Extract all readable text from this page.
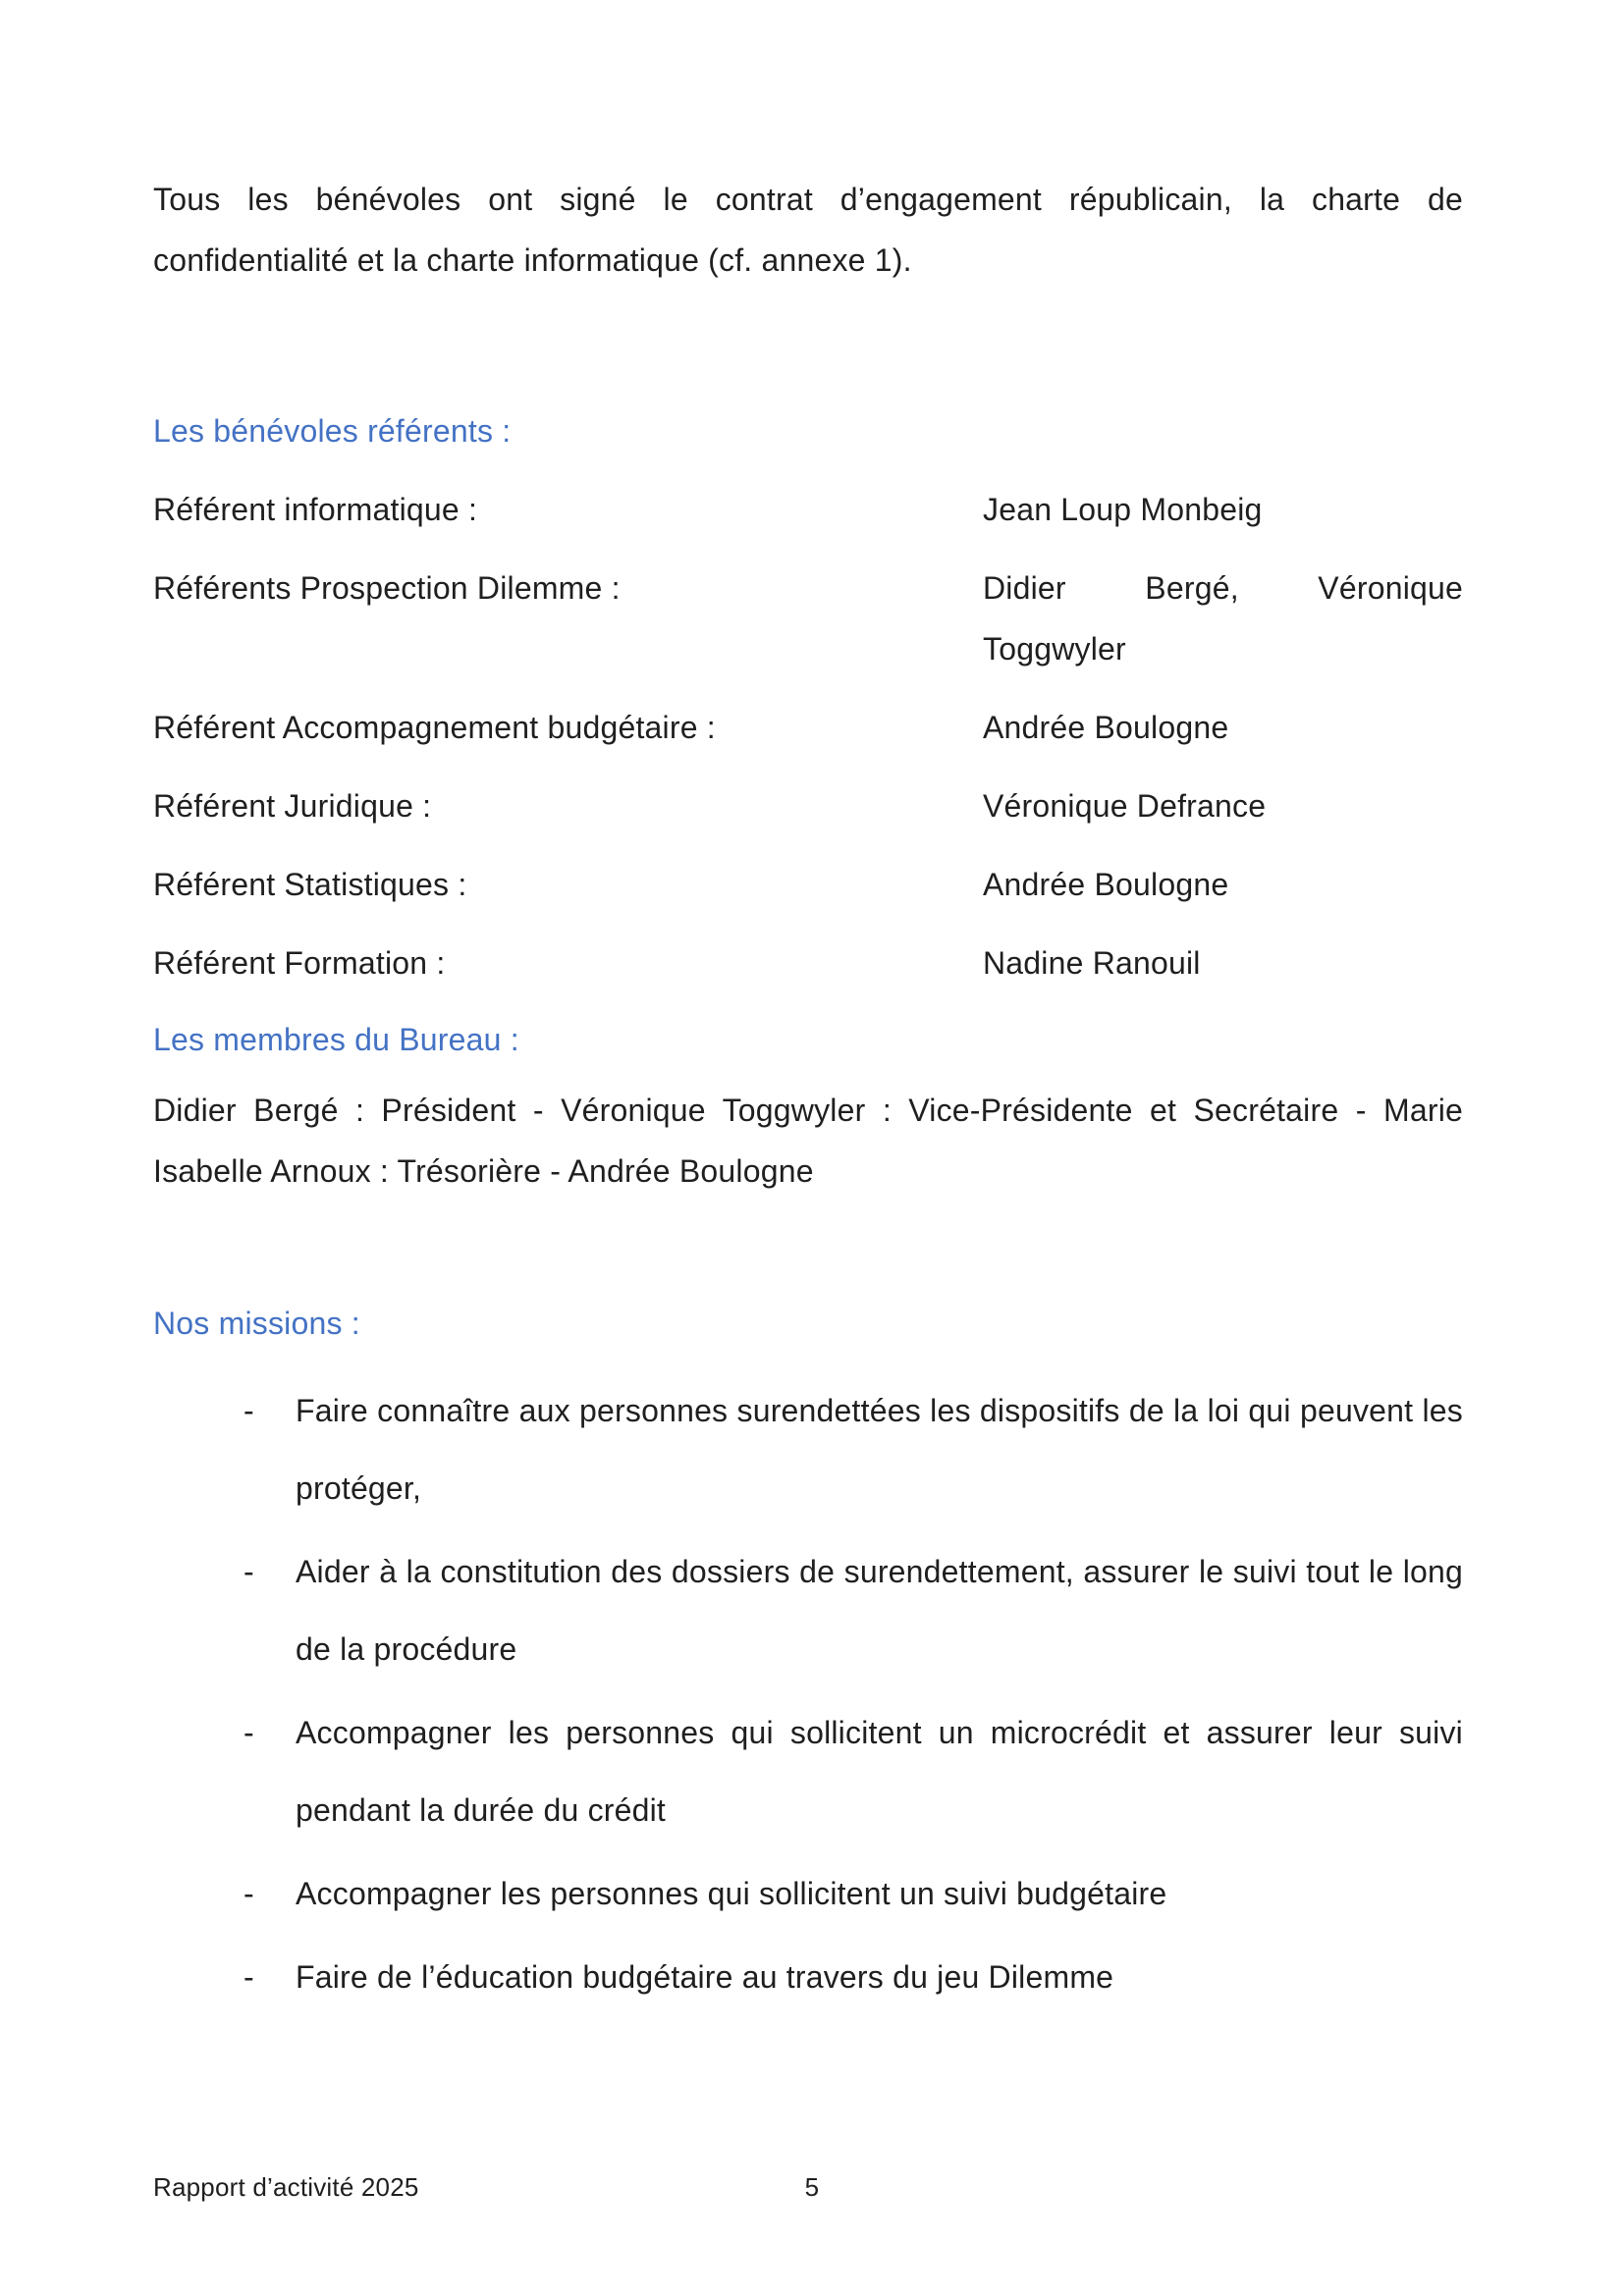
Tous les bénévoles ont signé le contrat d’engagement républicain, la charte de confidentialité et la charte informatique (cf. annexe 1).

Les bénévoles référents :
Référent informatique :	Jean Loup Monbeig
Référents Prospection Dilemme :	Didier Bergé, Véronique Toggwyler
Référent Accompagnement budgétaire :	Andrée Boulogne
Référent Juridique :	Véronique Defrance
Référent Statistiques :	Andrée Boulogne
Référent Formation :	Nadine Ranouil
Les membres du Bureau :

Didier Bergé : Président - Véronique Toggwyler : Vice-Présidente et Secrétaire - Marie Isabelle Arnoux : Trésorière - Andrée Boulogne

Nos missions :
-	Faire connaître aux personnes surendettées les dispositifs de la loi qui peuvent les protéger,
-	Aider à la constitution des dossiers de surendettement, assurer le suivi tout le long de la procédure
-	Accompagner les personnes qui sollicitent un microcrédit et assurer leur suivi pendant la durée du crédit
-	Accompagner les personnes qui sollicitent un suivi budgétaire
-	Faire de l’éducation budgétaire au travers du jeu Dilemme
Rapport d’activité 2025	5
